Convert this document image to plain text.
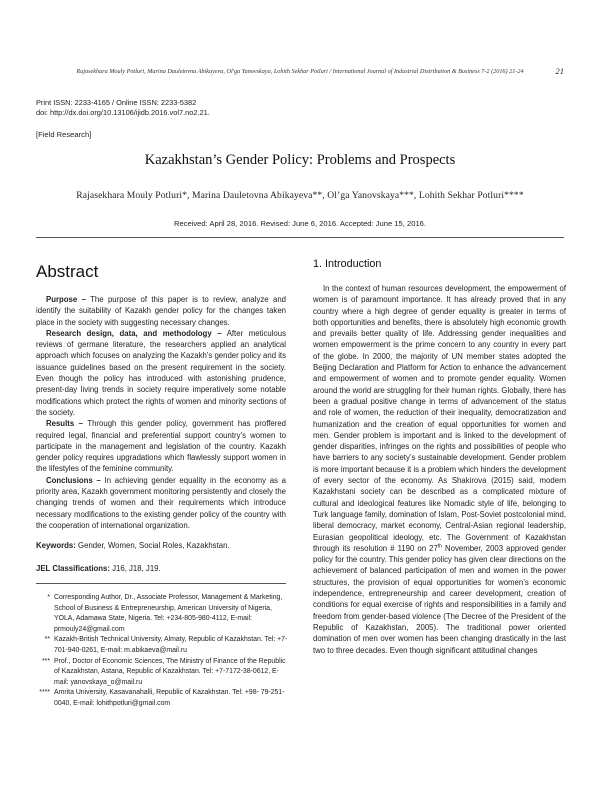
Rajasekhara Mouly Potluri, Marina Dauletovna Abikayeva, Ol'ga Yanovskaya, Lohith Sekhar Potluri / International Journal of Industrial Distribution & Business 7-2 (2016) 21-24	21
Print ISSN: 2233-4165 / Online ISSN: 2233-5382
doi: http://dx.doi.org/10.13106/ijidb.2016.vol7.no2.21.
[Field Research]
Kazakhstan’s Gender Policy: Problems and Prospects
Rajasekhara Mouly Potluri*, Marina Dauletovna Abikayeva**, Ol’ga Yanovskaya***, Lohith Sekhar Potluri****
Received: April 28, 2016. Revised: June 6, 2016. Accepted: June 15, 2016.
Abstract

Purpose – The purpose of this paper is to review, analyze and identify the suitability of Kazakh gender policy for the changes taken place in the society with suggesting necessary changes.

Research design, data, and methodology – After meticulous reviews of germane literature, the researchers applied an analytical approach which focuses on analyzing the Kazakh’s gender policy and its issuance guidelines based on the present requirement in the society. Even though the policy has introduced with astonishing prudence, present-day living trends in society require imperatively some notable modifications which protect the rights of women and minority sections of the society.

Results – Through this gender policy, government has proffered required legal, financial and preferential support country’s women to participate in the management and legislation of the country. Kazakh gender policy requires upgradations which flawlessly support women in the lifestyles of the feminine community.

Conclusions – In achieving gender equality in the economy as a priority area, Kazakh government monitoring persistently and closely the changing trends of women and their requirements which introduce necessary modifications to the existing gender policy of the country with the cooperation of international organization.

Keywords: Gender, Women, Social Roles, Kazakhstan.
JEL Classifications: J16, J18, J19.
* Corresponding Author, Dr., Associate Professor, Management & Marketing, School of Business & Entrepreneurship, American University of Nigeria, YOLA, Adamawa State, Nigeria. Tel: +234-805-980-4112, E-mail: prmouly24@gmail.com
** Kazakh-British Technical University, Almaty, Republic of Kazakhstan. Tel: +7-701-940-0261, E-mail: m.abikaeva@mail.ru
*** Prof., Doctor of Economic Sciences, The Ministry of Finance of the Republic of Kazakhstan, Astana, Republic of Kazakhstan. Tel: +7-7172-38-0612, E-mail: yanovskaya_o@mail.ru
**** Amrita University, Kasavanahalli, Republic of Kazakhstan. Tel: +98- 79-251-0040, E-mail: lohithpotluri@gmail.com
1. Introduction

In the context of human resources development, the empowerment of women is of paramount importance. It has already proved that in any country where a high degree of gender equality is greater in terms of both opportunities and benefits, there is absolutely high economic growth and prevails better quality of life. Addressing gender inequalities and women empowerment is the prime concern to any country in every part of the globe. In 2000, the majority of UN member states adopted the Beijing Declaration and Platform for Action to enhance the advancement and empowerment of women and to promote gender equality. Women around the world are struggling for their human rights. Globally, there has been a gradual positive change in terms of advancement of the status and role of women, the reduction of their inequality, democratization and humanization and the creation of equal opportunities for women and men. Gender problem is important and is linked to the development of gender disparities, infringes on the rights and possibilities of people who have barriers to any society’s sustainable development. Gender problem is more important because it is a problem which hinders the development of every sector of the economy. As Shakirova (2015) said, modern Kazakhstani society can be described as a complicated mixture of cultural and ideological features like Nomadic style of life, belonging to Turk language family, domination of Islam, Post-Soviet postcolonial mind, liberal democracy, market economy, Central-Asian regional leadership, Eurasian geopolitical ideology, etc. The Government of Kazakhstan through its resolution # 1190 on 27th November, 2003 approved gender policy for the country. This gender policy has given clear directions on the achievement of balanced participation of men and women in the power structures, the provision of equal opportunities for women’s economic independence, entrepreneurship and career development, creation of conditions for equal exercise of rights and responsibilities in a family and freedom from gender-based violence (The Decree of the President of the Republic of Kazakhstan, 2005). The traditional power oriented domination of men over women has been changing drastically in the last two to three decades. Even though significant attitudinal changes
